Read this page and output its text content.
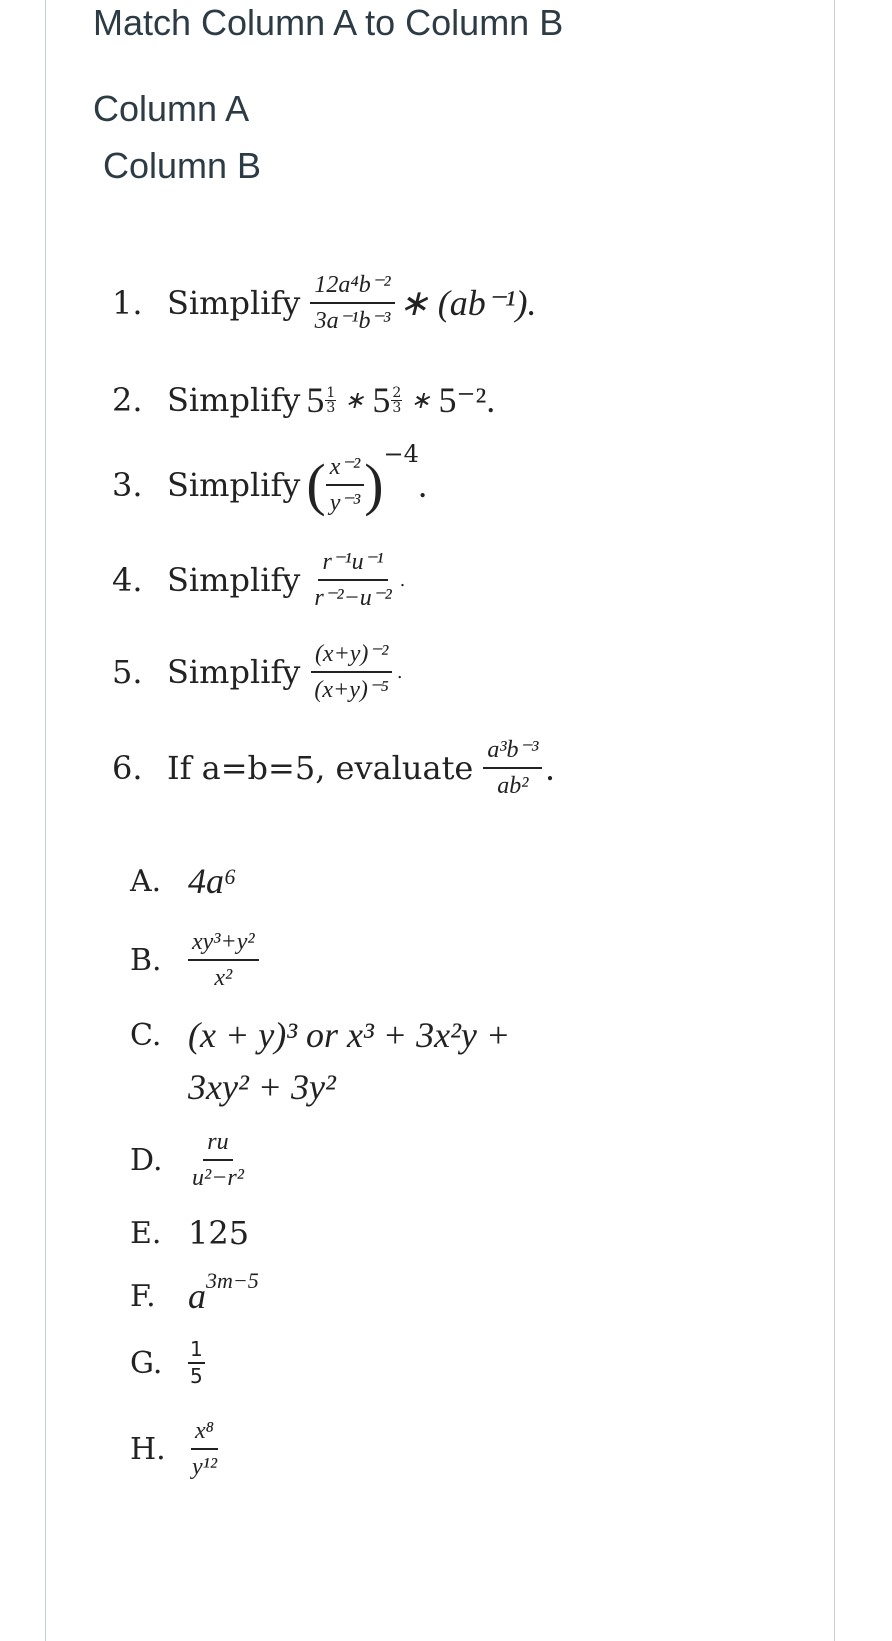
Match Column A to Column B
Column A
Column B
1. Simplify $\frac{\text{12a⁴b⁻²}}{\text{3a⁻¹b⁻³}}$ ∗ (ab⁻¹).
2. Simplify $5 \frac{1}{3}$ ∗ $5 \frac{2}{3}$ ∗ 5⁻².
3. Simplify ( $\frac{\text{x⁻²}}{\text{y⁻³}}$ ) −4
.
4. Simplify $\frac{\text{r⁻¹u⁻¹}}{\text{r⁻²−u⁻²}}$ .
5. Simplify $\frac{\text{(x+y)⁻²}}{\text{(x+y)⁻⁵}}$ .
6. If a=b=5, evaluate $\frac{\text{a³b⁻³}}{\text{ab²}}$ .
A. 4a⁶
B.	$\frac{\text{xy³+y²}}{\text{x²}}$
C. (x + y)³ or x³ + 3x²y +
3xy² + 3y²
D.	$\frac{ru}{\text{u²−r²}}$
E. 125
F. a 3m−5
G.	$\frac{1}{5}$
H. $\frac{\text{x⁸}}{\text{y¹²}}$
